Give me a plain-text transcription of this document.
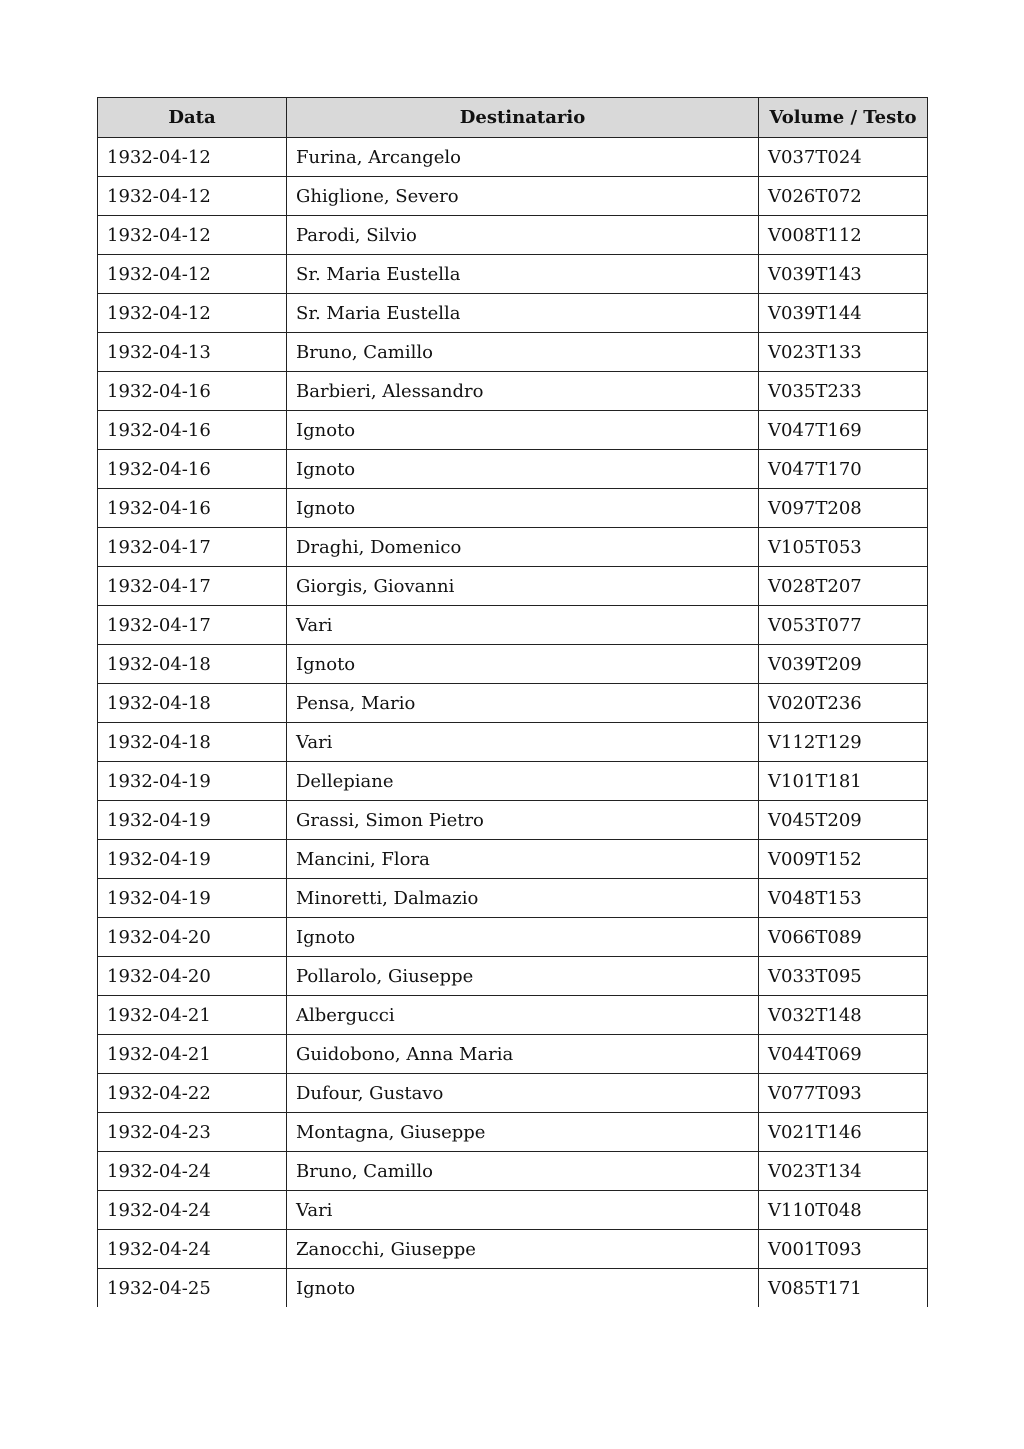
Data	Destinatario	Volume / Testo
1932-04-12	Furina, Arcangelo	V037T024
1932-04-12	Ghiglione, Severo	V026T072
1932-04-12	Parodi, Silvio	V008T112
1932-04-12	Sr. Maria Eustella	V039T143
1932-04-12	Sr. Maria Eustella	V039T144
1932-04-13	Bruno, Camillo	V023T133
1932-04-16	Barbieri, Alessandro	V035T233
1932-04-16	Ignoto	V047T169
1932-04-16	Ignoto	V047T170
1932-04-16	Ignoto	V097T208
1932-04-17	Draghi, Domenico	V105T053
1932-04-17	Giorgis, Giovanni	V028T207
1932-04-17	Vari	V053T077
1932-04-18	Ignoto	V039T209
1932-04-18	Pensa, Mario	V020T236
1932-04-18	Vari	V112T129
1932-04-19	Dellepiane	V101T181
1932-04-19	Grassi, Simon Pietro	V045T209
1932-04-19	Mancini, Flora	V009T152
1932-04-19	Minoretti, Dalmazio	V048T153
1932-04-20	Ignoto	V066T089
1932-04-20	Pollarolo, Giuseppe	V033T095
1932-04-21	Albergucci	V032T148
1932-04-21	Guidobono, Anna Maria	V044T069
1932-04-22	Dufour, Gustavo	V077T093
1932-04-23	Montagna, Giuseppe	V021T146
1932-04-24	Bruno, Camillo	V023T134
1932-04-24	Vari	V110T048
1932-04-24	Zanocchi, Giuseppe	V001T093
1932-04-25	Ignoto	V085T171
